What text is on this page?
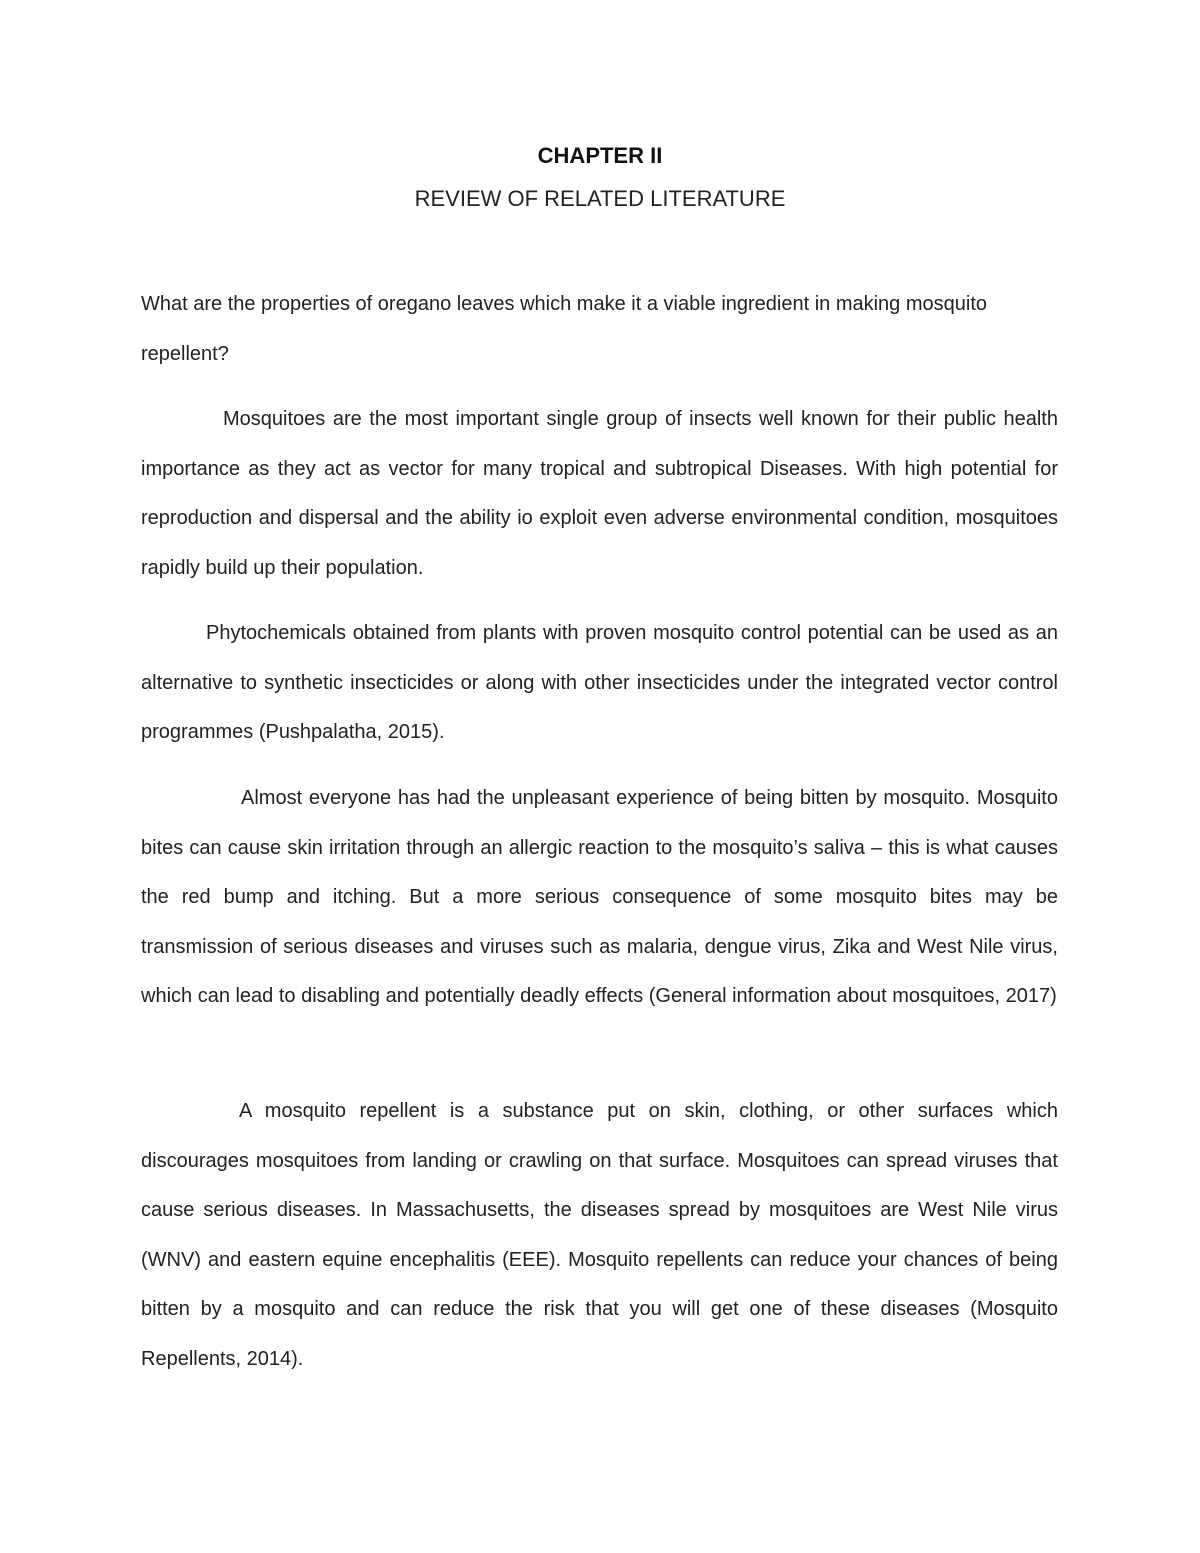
CHAPTER II
REVIEW OF RELATED LITERATURE
What are the properties of oregano leaves which make it a viable ingredient in making mosquito repellent?
Mosquitoes are the most important single group of insects well known for their public health importance as they act as vector for many tropical and subtropical Diseases. With high potential for reproduction and dispersal and the ability io exploit even adverse environmental condition, mosquitoes rapidly build up their population.
Phytochemicals obtained from plants with proven mosquito control potential can be used as an alternative to synthetic insecticides or along with other insecticides under the integrated vector control programmes (Pushpalatha, 2015).
Almost everyone has had the unpleasant experience of being bitten by mosquito. Mosquito bites can cause skin irritation through an allergic reaction to the mosquito’s saliva – this is what causes the red bump and itching. But a more serious consequence of some mosquito bites may be transmission of serious diseases and viruses such as malaria, dengue virus, Zika and West Nile virus, which can lead to disabling and potentially deadly effects (General information about mosquitoes, 2017)
A mosquito repellent is a substance put on skin, clothing, or other surfaces which discourages mosquitoes from landing or crawling on that surface. Mosquitoes can spread viruses that cause serious diseases. In Massachusetts, the diseases spread by mosquitoes are West Nile virus (WNV) and eastern equine encephalitis (EEE). Mosquito repellents can reduce your chances of being bitten by a mosquito and can reduce the risk that you will get one of these diseases (Mosquito Repellents, 2014).
